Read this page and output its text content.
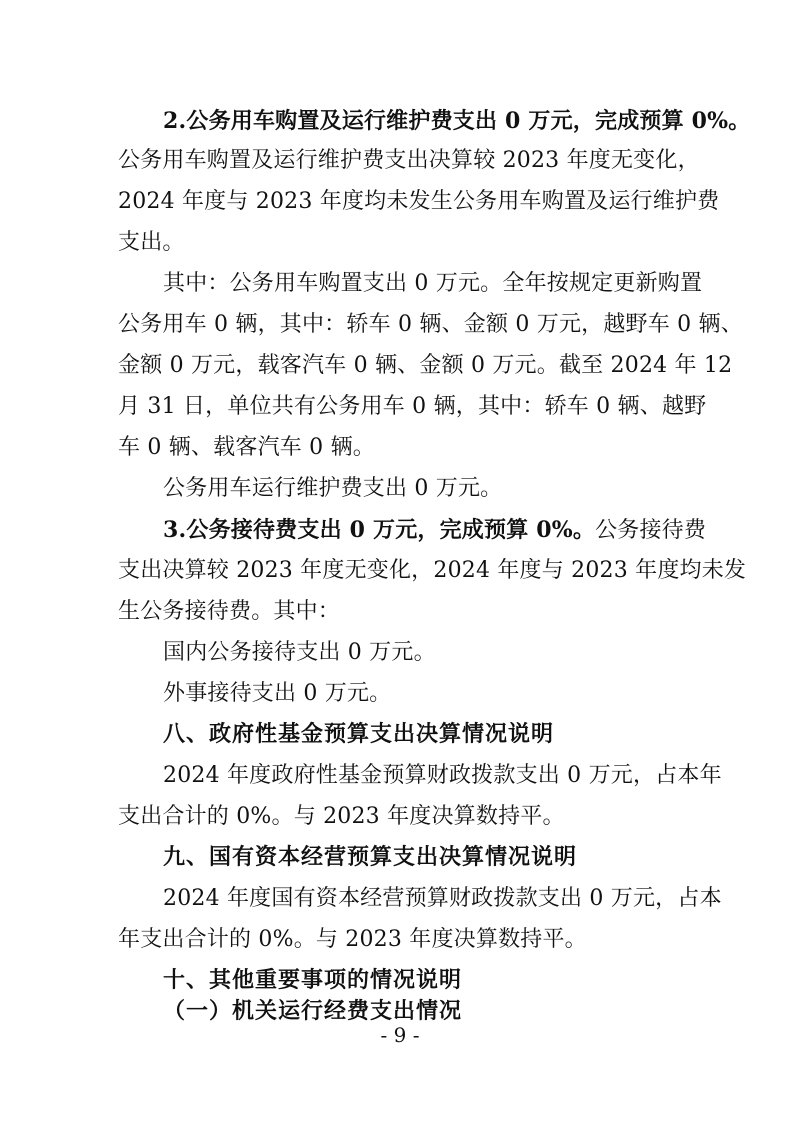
2.公务用车购置及运行维护费支出 0 万元，完成预算 0%。
公务用车购置及运行维护费支出决算较 2023 年度无变化，
2024 年度与 2023 年度均未发生公务用车购置及运行维护费
支出。
其中：公务用车购置支出 0 万元。全年按规定更新购置
公务用车 0 辆，其中：轿车 0 辆、金额 0 万元，越野车 0 辆、
金额 0 万元，载客汽车 0 辆、金额 0 万元。截至 2024 年 12
月 31 日，单位共有公务用车 0 辆，其中：轿车 0 辆、越野
车 0 辆、载客汽车 0 辆。
公务用车运行维护费支出 0 万元。
3.公务接待费支出 0 万元，完成预算 0%。公务接待费
支出决算较 2023 年度无变化，2024 年度与 2023 年度均未发
生公务接待费。其中：
国内公务接待支出 0 万元。
外事接待支出 0 万元。
八、政府性基金预算支出决算情况说明
2024 年度政府性基金预算财政拨款支出 0 万元，占本年
支出合计的 0%。与 2023 年度决算数持平。
九、国有资本经营预算支出决算情况说明
2024 年度国有资本经营预算财政拨款支出 0 万元，占本
年支出合计的 0%。与 2023 年度决算数持平。
十、其他重要事项的情况说明
（一）机关运行经费支出情况
- 9 -
